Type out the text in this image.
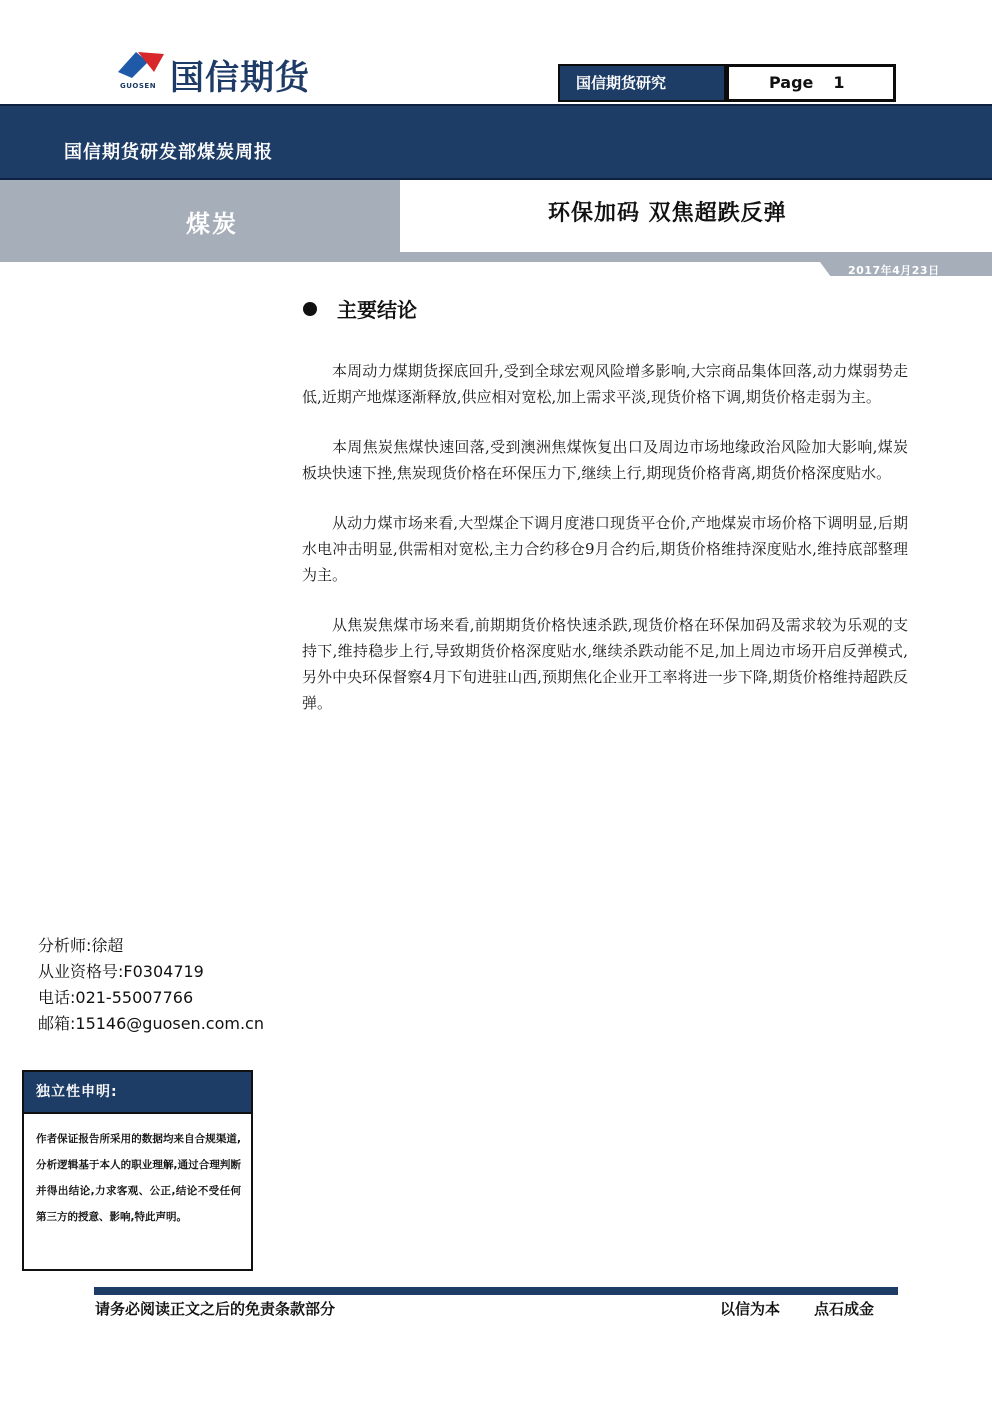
国信期货
GUOSEN	国信期货研究	Page 1
国信期货研发部煤炭周报
煤炭	环保加码 双焦超跌反弹
2017年4月23日
主要结论

本周动力煤期货探底回升,受到全球宏观风险增多影响,大宗商品集体回落,动力煤弱势走低,近期产地煤逐渐释放,供应相对宽松,加上需求平淡,现货价格下调,期货价格走弱为主。

本周焦炭焦煤快速回落,受到澳洲焦煤恢复出口及周边市场地缘政治风险加大影响,煤炭板块快速下挫,焦炭现货价格在环保压力下,继续上行,期现货价格背离,期货价格深度贴水。

从动力煤市场来看,大型煤企下调月度港口现货平仓价,产地煤炭市场价格下调明显,后期水电冲击明显,供需相对宽松,主力合约移仓9月合约后,期货价格维持深度贴水,维持底部整理为主。

从焦炭焦煤市场来看,前期期货价格快速杀跌,现货价格在环保加码及需求较为乐观的支持下,维持稳步上行,导致期货价格深度贴水,继续杀跌动能不足,加上周边市场开启反弹模式,另外中央环保督察4月下旬进驻山西,预期焦化企业开工率将进一步下降,期货价格维持超跌反弹。

分析师:徐超
从业资格号:F0304719
电话:021-55007766
邮箱:15146@guosen.com.cn
独立性申明:
作者保证报告所采用的数据均来自合规渠道,分析逻辑基于本人的职业理解,通过合理判断并得出结论,力求客观、公正,结论不受任何第三方的授意、影响,特此声明。
请务必阅读正文之后的免责条款部分	以信为本 点石成金
